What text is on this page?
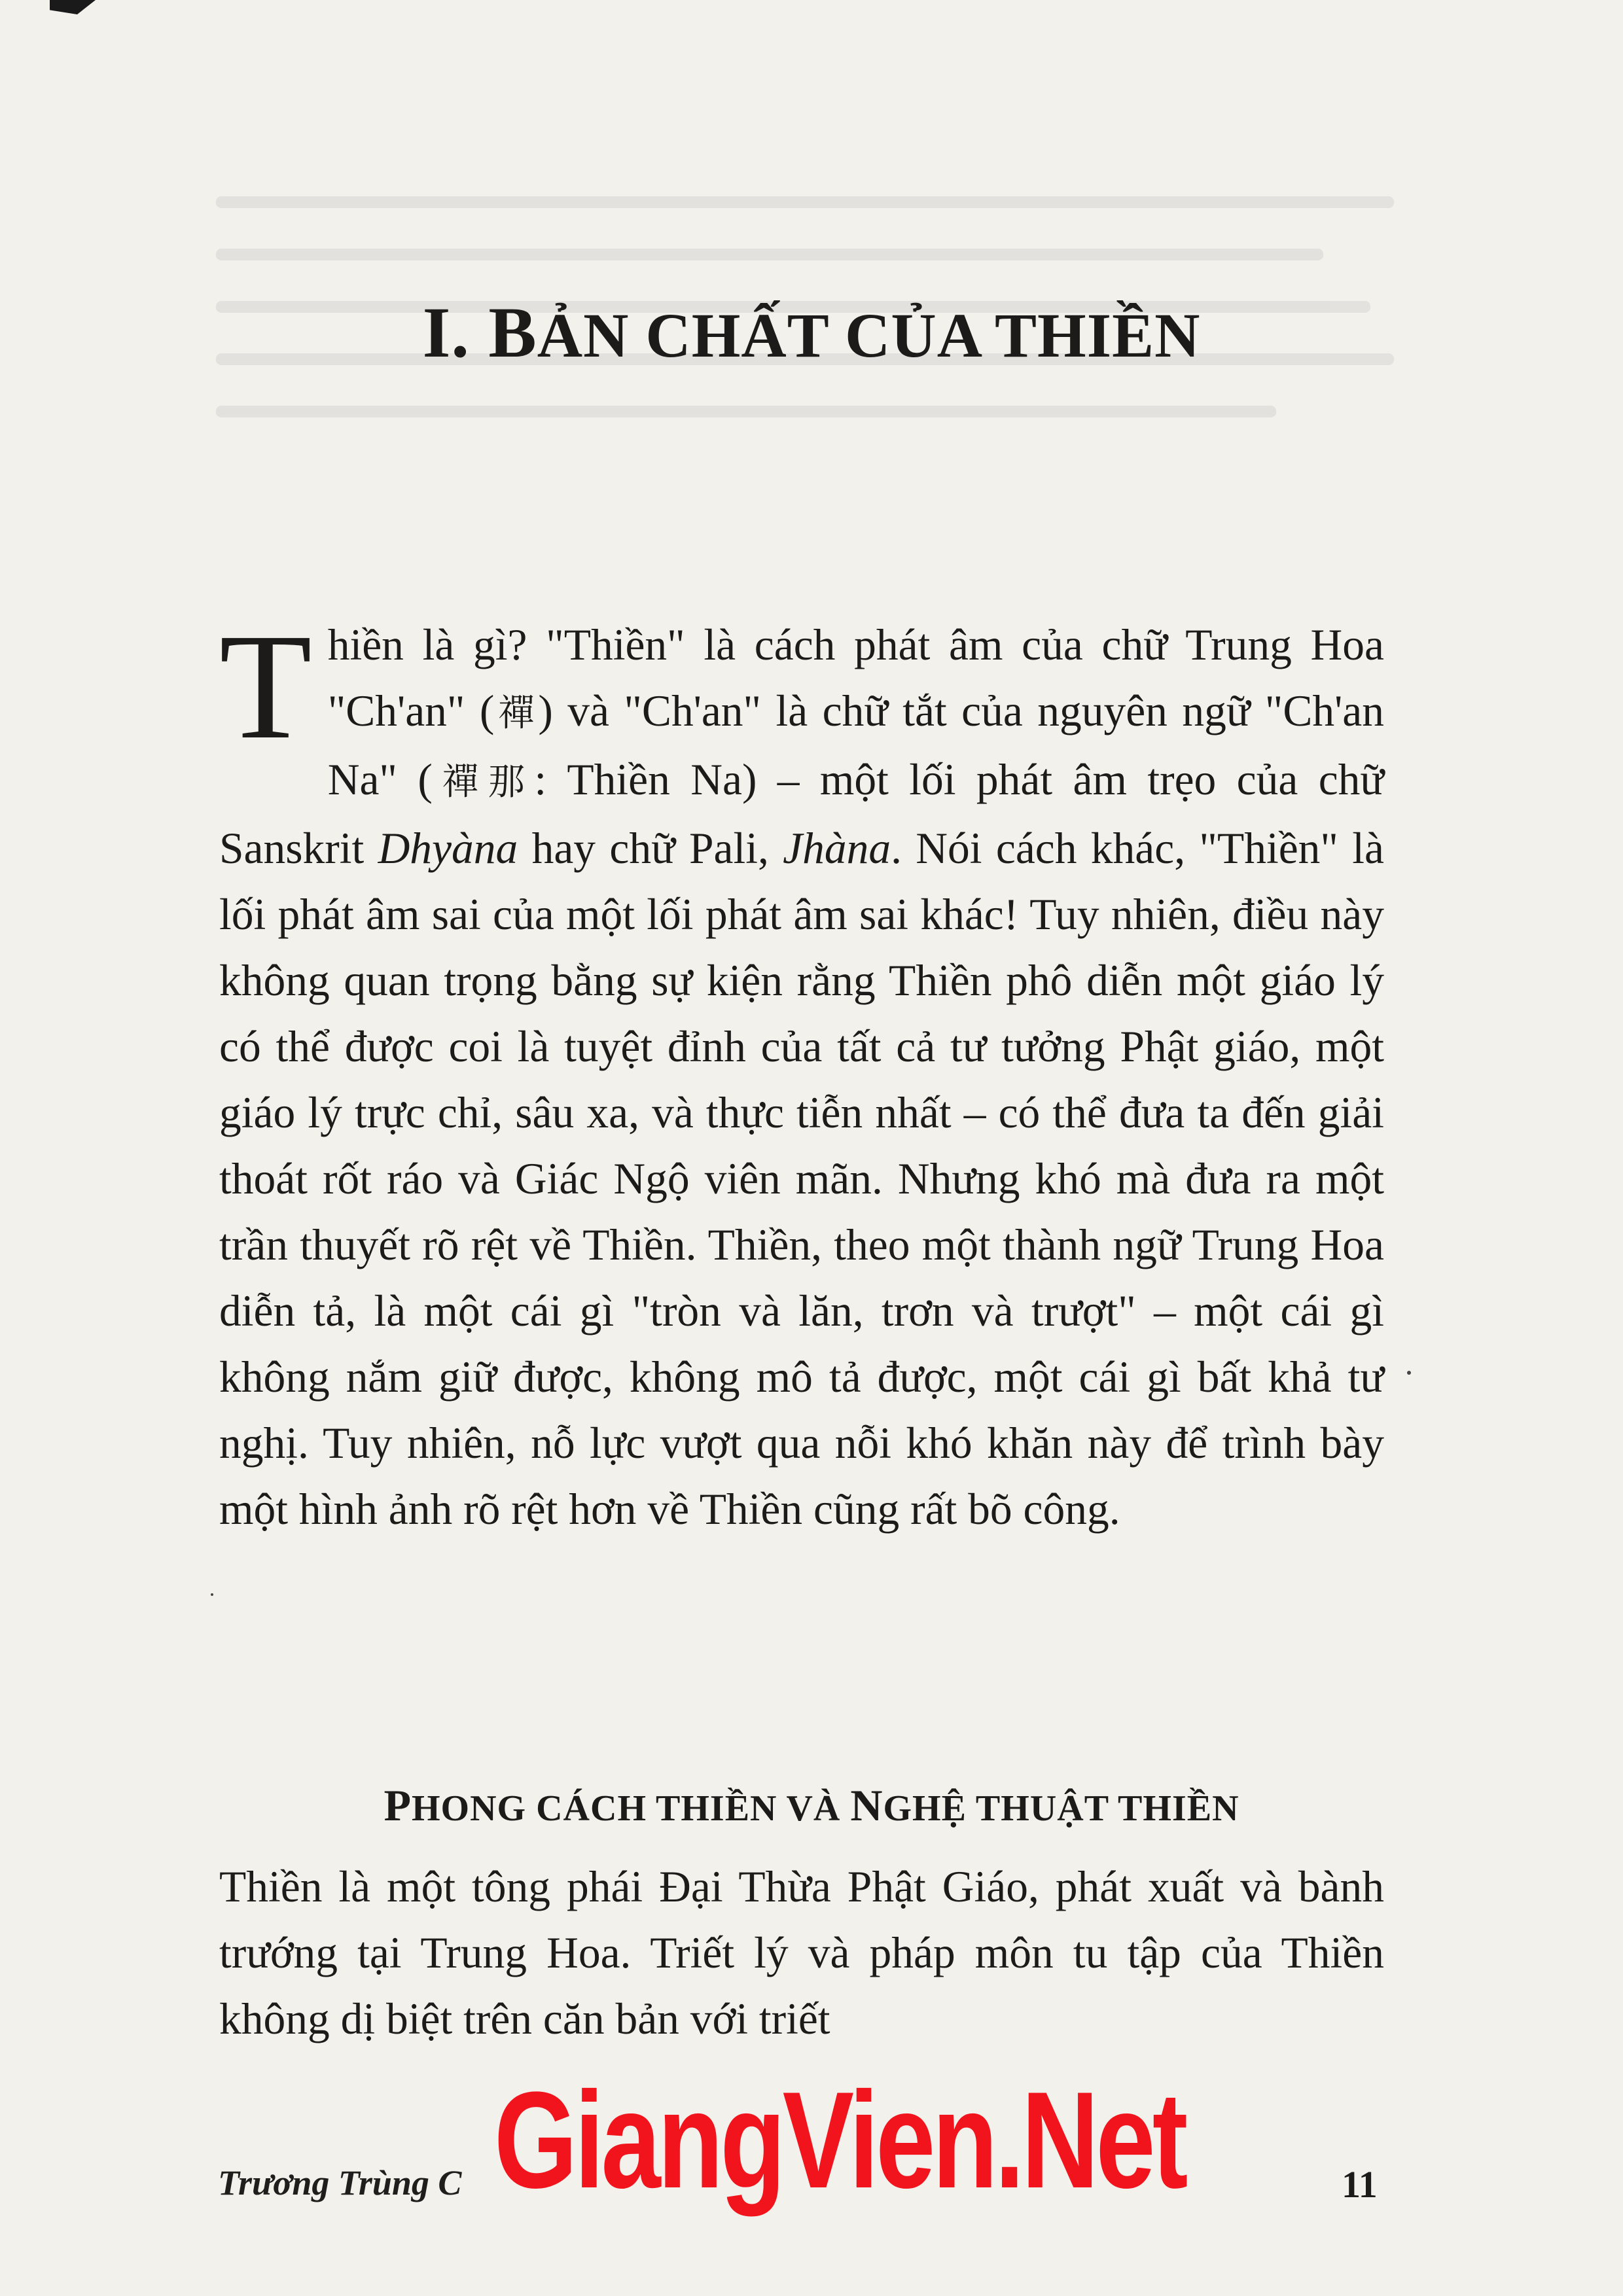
I. BẢN CHẤT CỦA THIỀN

Thiền là gì? "Thiền" là cách phát âm của chữ Trung Hoa "Ch'an" (禪) và "Ch'an" là chữ tắt của nguyên ngữ "Ch'an Na" (禪那: Thiền Na) – một lối phát âm trẹo của chữ Sanskrit Dhyàna hay chữ Pali, Jhàna. Nói cách khác, "Thiền" là lối phát âm sai của một lối phát âm sai khác! Tuy nhiên, điều này không quan trọng bằng sự kiện rằng Thiền phô diễn một giáo lý có thể được coi là tuyệt đỉnh của tất cả tư tưởng Phật giáo, một giáo lý trực chỉ, sâu xa, và thực tiễn nhất – có thể đưa ta đến giải thoát rốt ráo và Giác Ngộ viên mãn. Nhưng khó mà đưa ra một trần thuyết rõ rệt về Thiền. Thiền, theo một thành ngữ Trung Hoa diễn tả, là một cái gì "tròn và lăn, trơn và trượt" – một cái gì không nắm giữ được, không mô tả được, một cái gì bất khả tư nghị. Tuy nhiên, nỗ lực vượt qua nỗi khó khăn này để trình bày một hình ảnh rõ rệt hơn về Thiền cũng rất bõ công.

PHONG CÁCH THIỀN VÀ NGHỆ THUẬT THIỀN

Thiền là một tông phái Đại Thừa Phật Giáo, phát xuất và bành trướng tại Trung Hoa. Triết lý và pháp môn tu tập của Thiền không dị biệt trên căn bản với triết

Trương Trùng C	11
GiangVien.Net
